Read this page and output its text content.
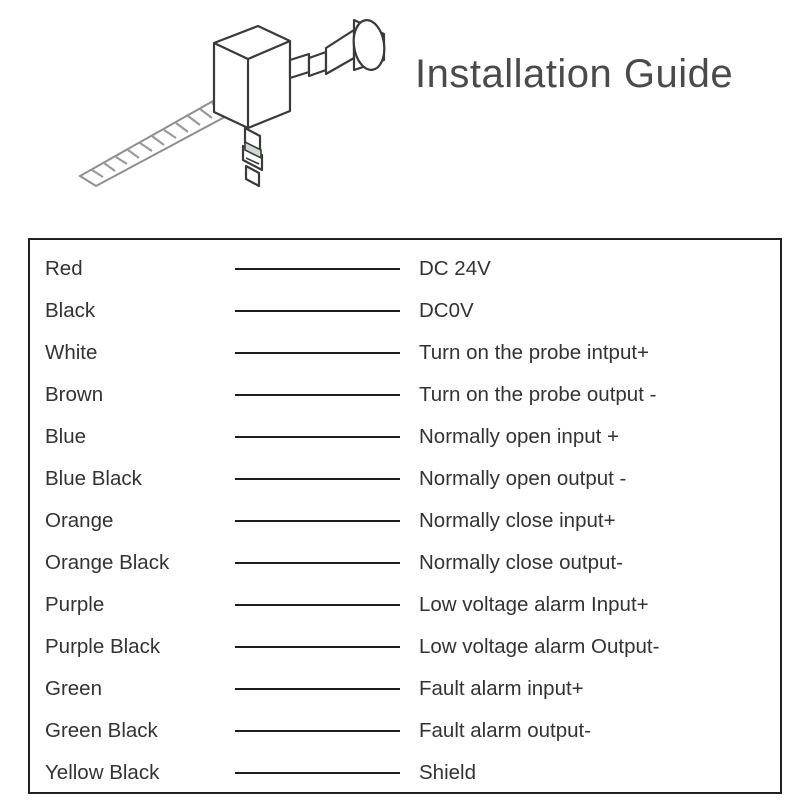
Installation Guide
Red	DC 24V
Black	DC0V
White	Turn on the probe intput+
Brown	Turn on the probe output -
Blue	Normally open input +
Blue Black	Normally open output -
Orange	Normally close input+
Orange Black	Normally close output-
Purple	Low voltage alarm Input+
Purple Black	Low voltage alarm Output-
Green	Fault alarm input+
Green Black	Fault alarm output-
Yellow Black	Shield
